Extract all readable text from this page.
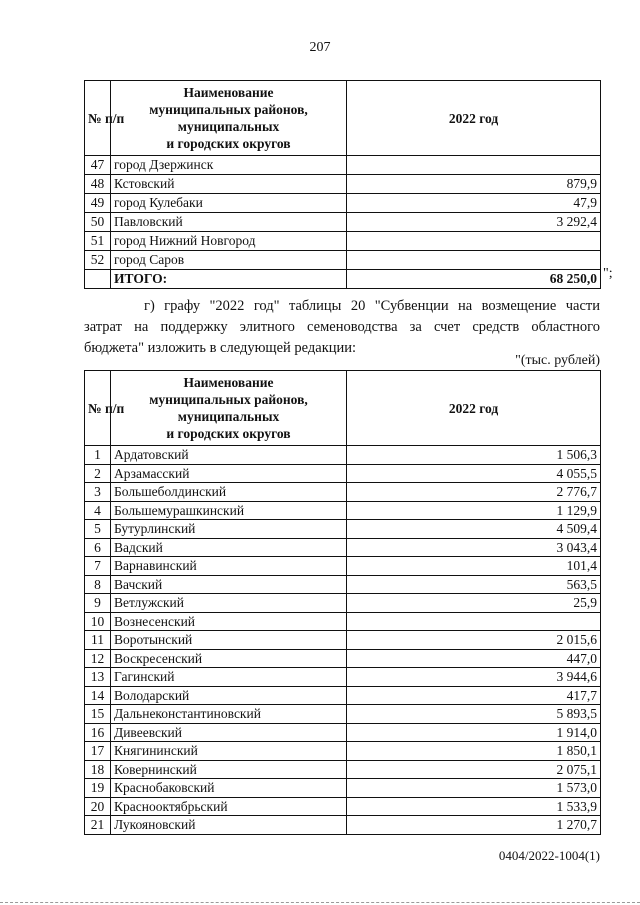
207
№ п/п	Наименование
муниципальных районов,
муниципальных
и городских округов	2022 год
47	город Дзержинск	
48	Кстовский	879,9
49	город Кулебаки	47,9
50	Павловский	3 292,4
51	город Нижний Новгород	
52	город Саров	
	ИТОГО:	68 250,0 ";
г) графу "2022 год" таблицы 20 "Субвенции на возмещение части
затрат на поддержку элитного семеноводства за счет средств областного
бюджета" изложить в следующей редакции:
"(тыс. рублей)
№ п/п	Наименование
муниципальных районов,
муниципальных
и городских округов	2022 год
1	Ардатовский	1 506,3
2	Арзамасский	4 055,5
3	Большеболдинский	2 776,7
4	Большемурашкинский	1 129,9
5	Бутурлинский	4 509,4
6	Вадский	3 043,4
7	Варнавинский	101,4
8	Вачский	563,5
9	Ветлужский	25,9
10	Вознесенский	
11	Воротынский	2 015,6
12	Воскресенский	447,0
13	Гагинский	3 944,6
14	Володарский	417,7
15	Дальнеконстантиновский	5 893,5
16	Дивеевский	1 914,0
17	Княгининский	1 850,1
18	Ковернинский	2 075,1
19	Краснобаковский	1 573,0
20	Краснооктябрьский	1 533,9
21	Лукояновский	1 270,7
0404/2022-1004(1)
